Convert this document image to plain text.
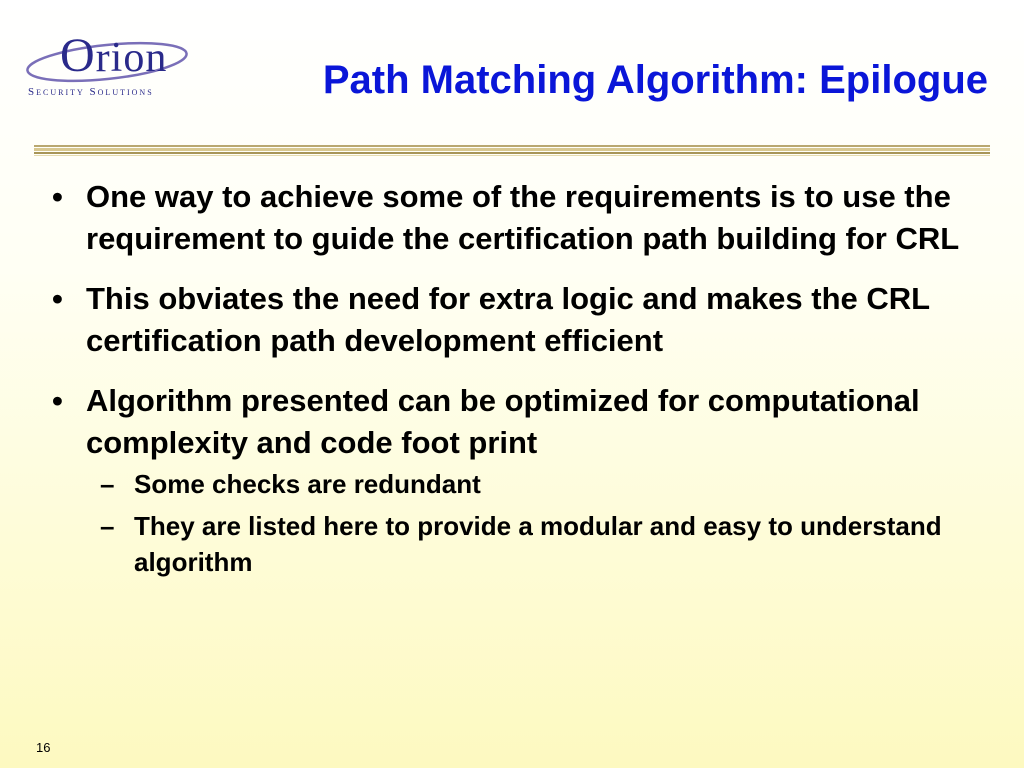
Orion
Security Solutions	Path Matching Algorithm: Epilogue
• One way to achieve some of the requirements is to use the requirement to guide the certification path building for CRL
• This obviates the need for extra logic and makes the CRL certification path development efficient
• Algorithm presented can be optimized for computational complexity and code foot print
– Some checks are redundant
– They are listed here to provide a modular and easy to understand algorithm
16
